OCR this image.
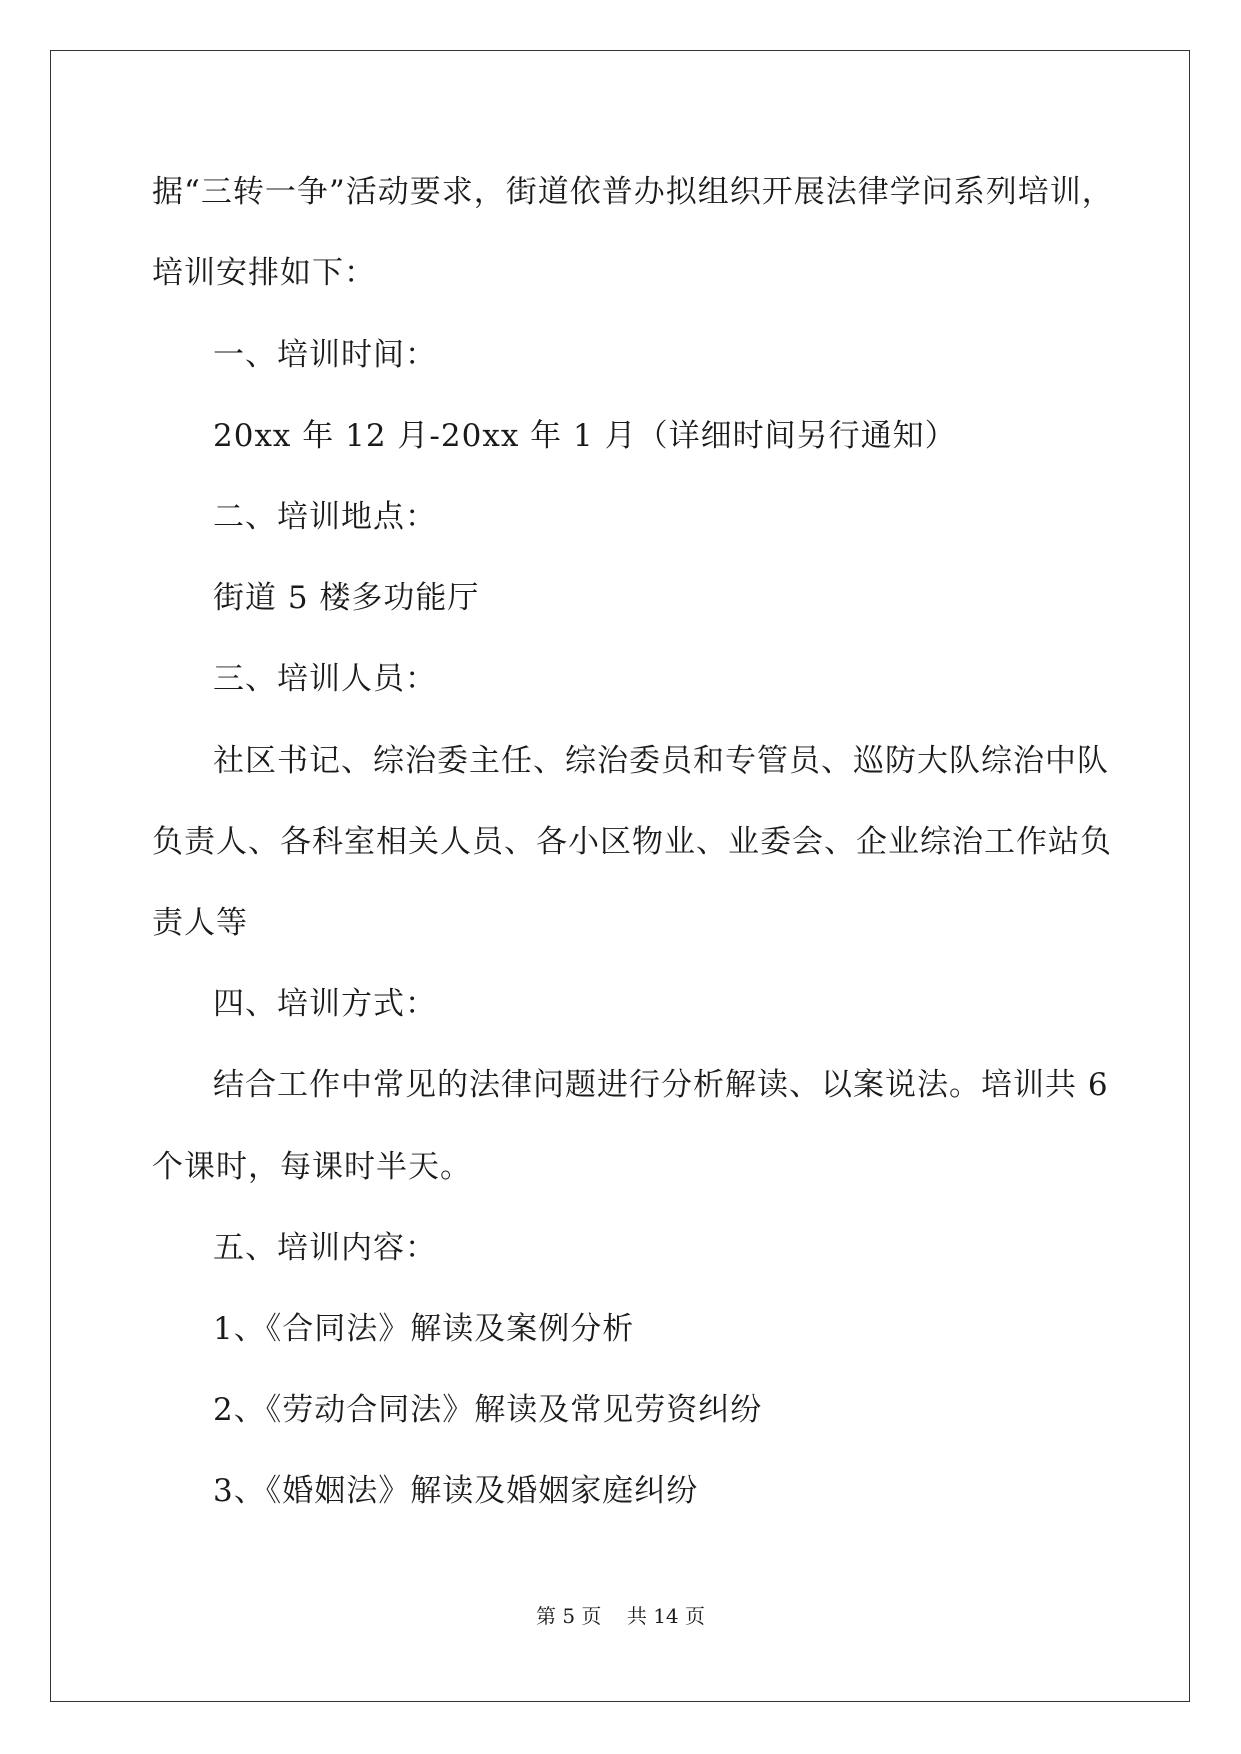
据“三转一争”活动要求，街道依普办拟组织开展法律学问系列培训，
培训安排如下：
一、培训时间：
20xx 年 12 月-20xx 年 1 月（详细时间另行通知）
二、培训地点：
街道 5 楼多功能厅
三、培训人员：
社区书记、综治委主任、综治委员和专管员、巡防大队综治中队
负责人、各科室相关人员、各小区物业、业委会、企业综治工作站负
责人等
四、培训方式：
结合工作中常见的法律问题进行分析解读、以案说法。培训共 6
个课时，每课时半天。
五、培训内容：
1、《合同法》解读及案例分析
2、《劳动合同法》解读及常见劳资纠纷
3、《婚姻法》解读及婚姻家庭纠纷
第 5 页    共 14 页
